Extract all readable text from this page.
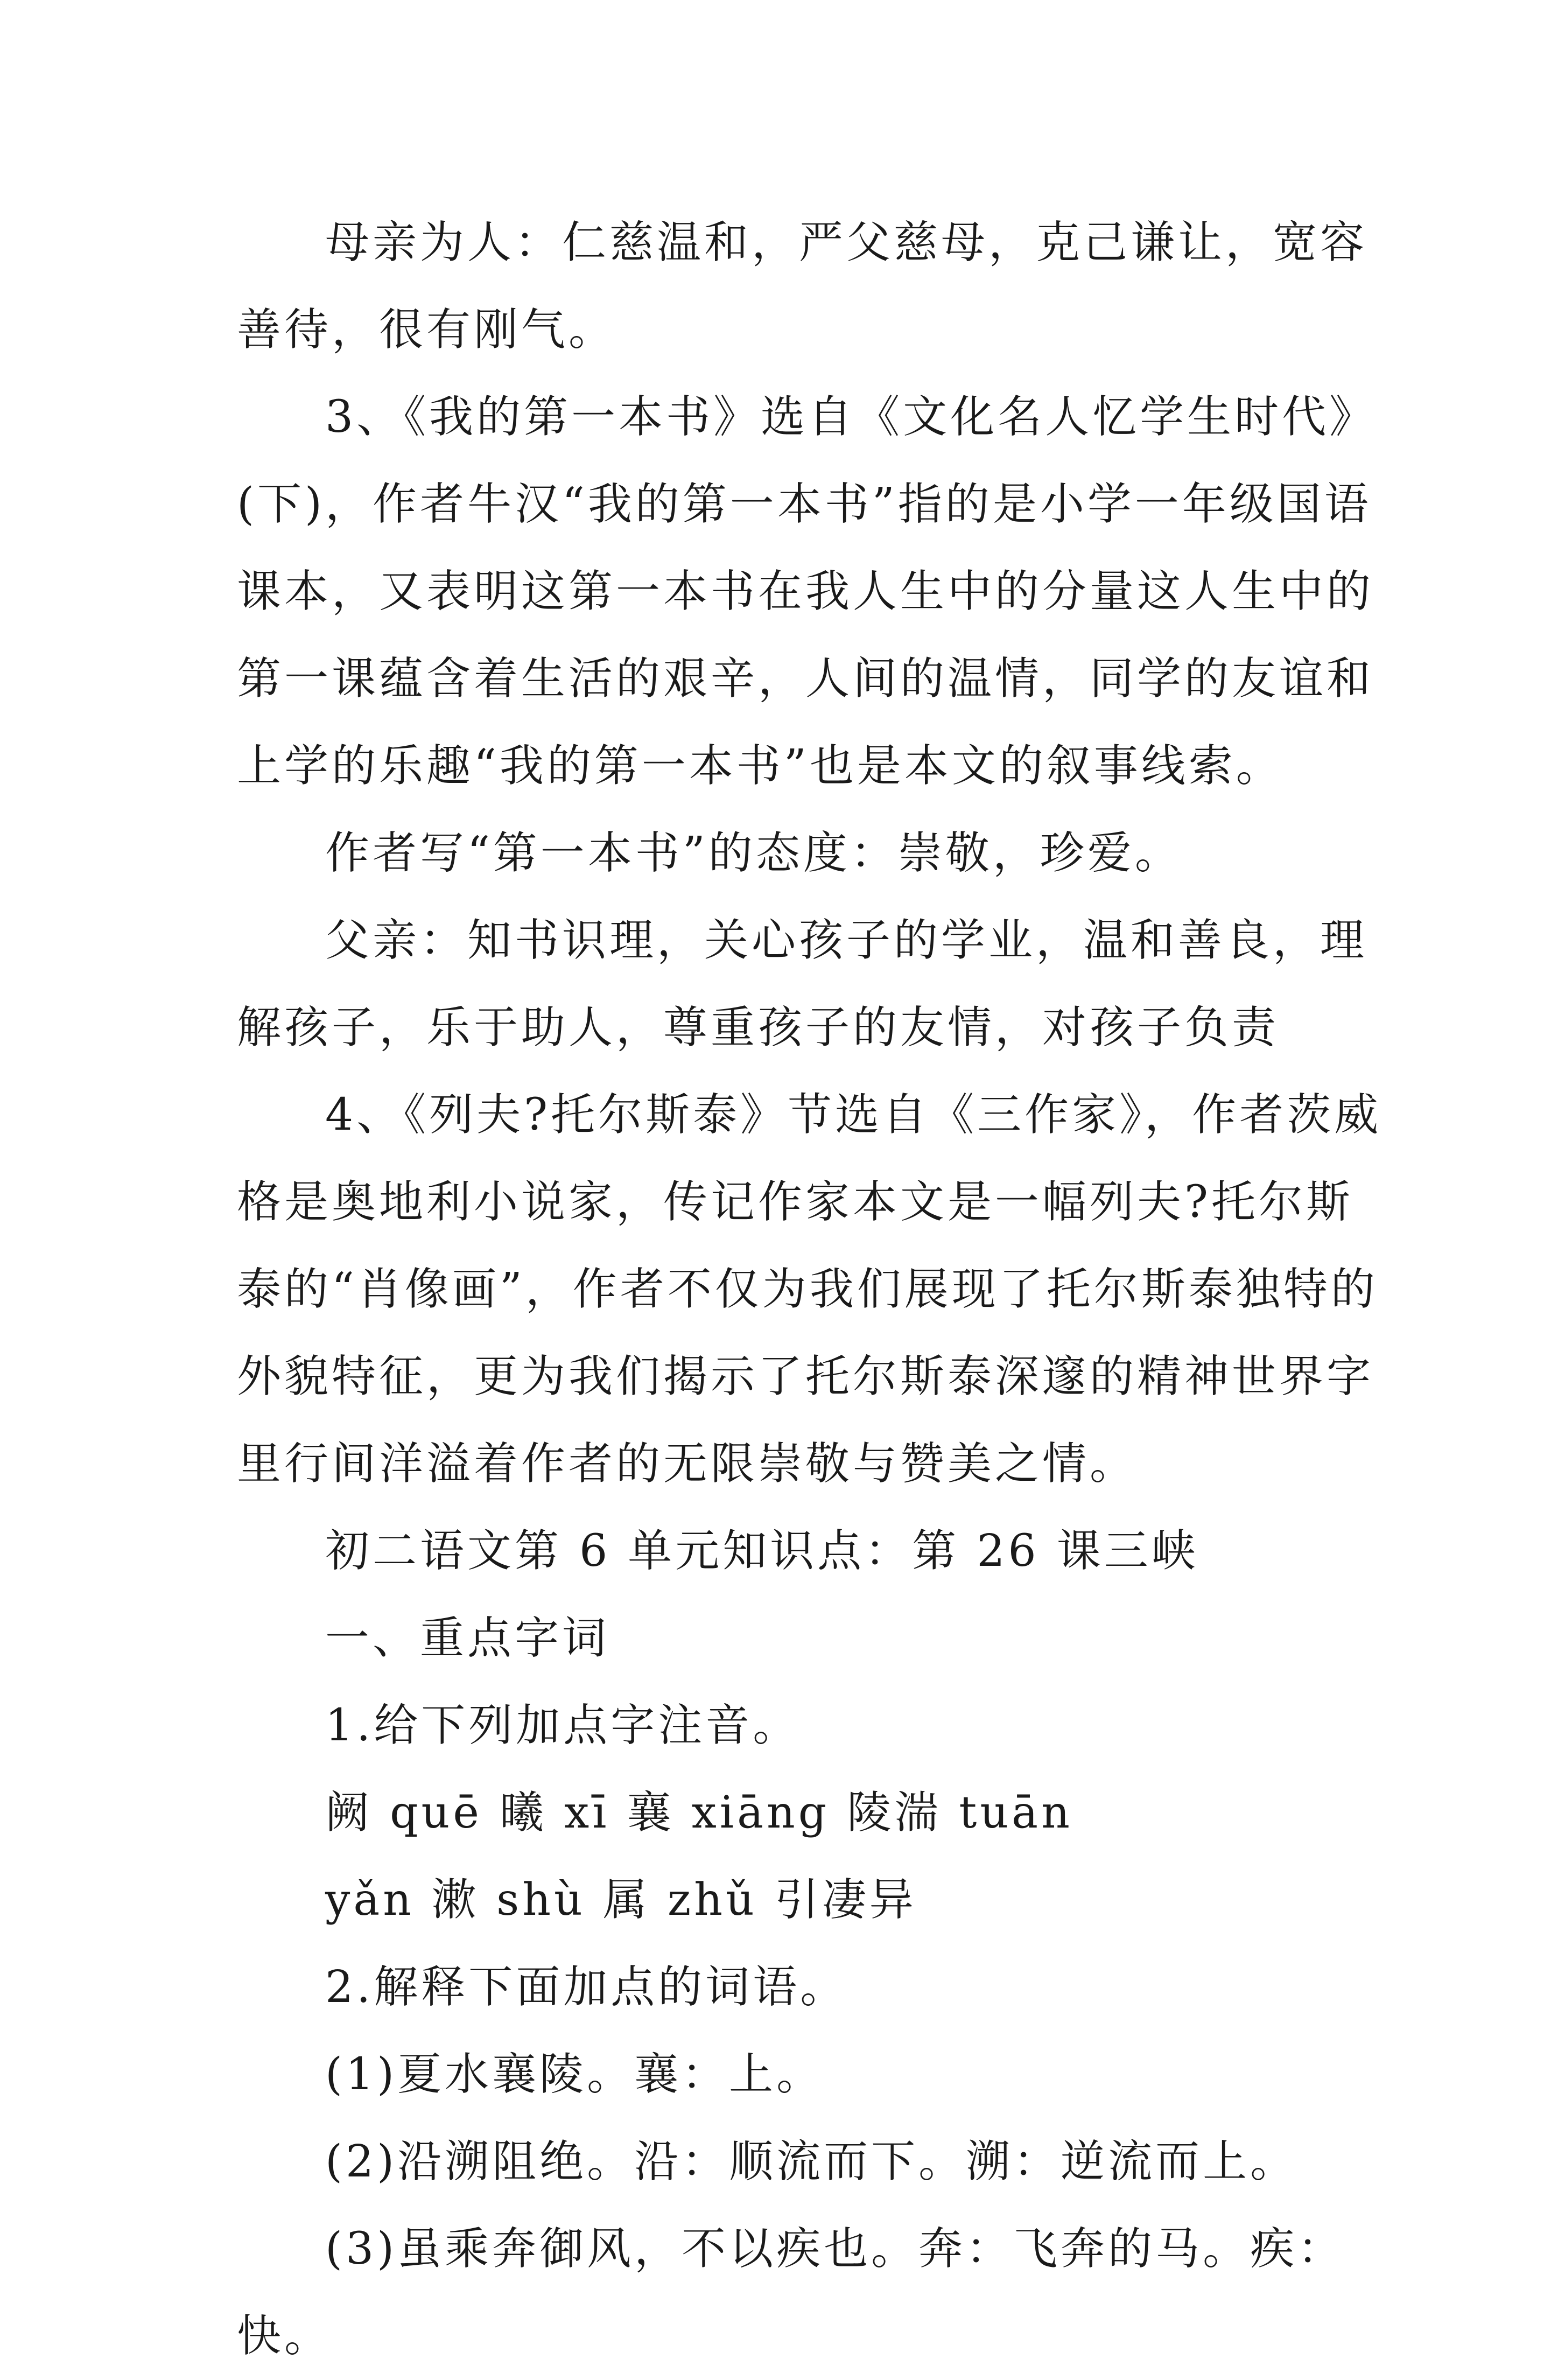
母亲为人：仁慈温和，严父慈母，克己谦让，宽容善待，很有刚气。

3、《我的第一本书》选自《文化名人忆学生时代》(下)，作者牛汉“我的第一本书”指的是小学一年级国语课本，又表明这第一本书在我人生中的分量这人生中的第一课蕴含着生活的艰辛，人间的温情，同学的友谊和上学的乐趣“我的第一本书”也是本文的叙事线索。

作者写“第一本书”的态度：崇敬，珍爱。

父亲：知书识理，关心孩子的学业，温和善良，理解孩子，乐于助人，尊重孩子的友情，对孩子负责

4、《列夫?托尔斯泰》节选自《三作家》，作者茨威格是奥地利小说家，传记作家本文是一幅列夫?托尔斯泰的“肖像画”，作者不仅为我们展现了托尔斯泰独特的外貌特征，更为我们揭示了托尔斯泰深邃的精神世界字里行间洋溢着作者的无限崇敬与赞美之情。

初二语文第 6 单元知识点：第 26 课三峡

一、重点字词

1.给下列加点字注音。

阙 quē 曦 xī 襄 xiāng 陵湍 tuān

yǎn 漱 shù 属 zhǔ 引凄异

2.解释下面加点的词语。

(1)夏水襄陵。襄：上。

(2)沿溯阻绝。沿：顺流而下。溯：逆流而上。

(3)虽乘奔御风，不以疾也。奔：飞奔的马。疾：快。
